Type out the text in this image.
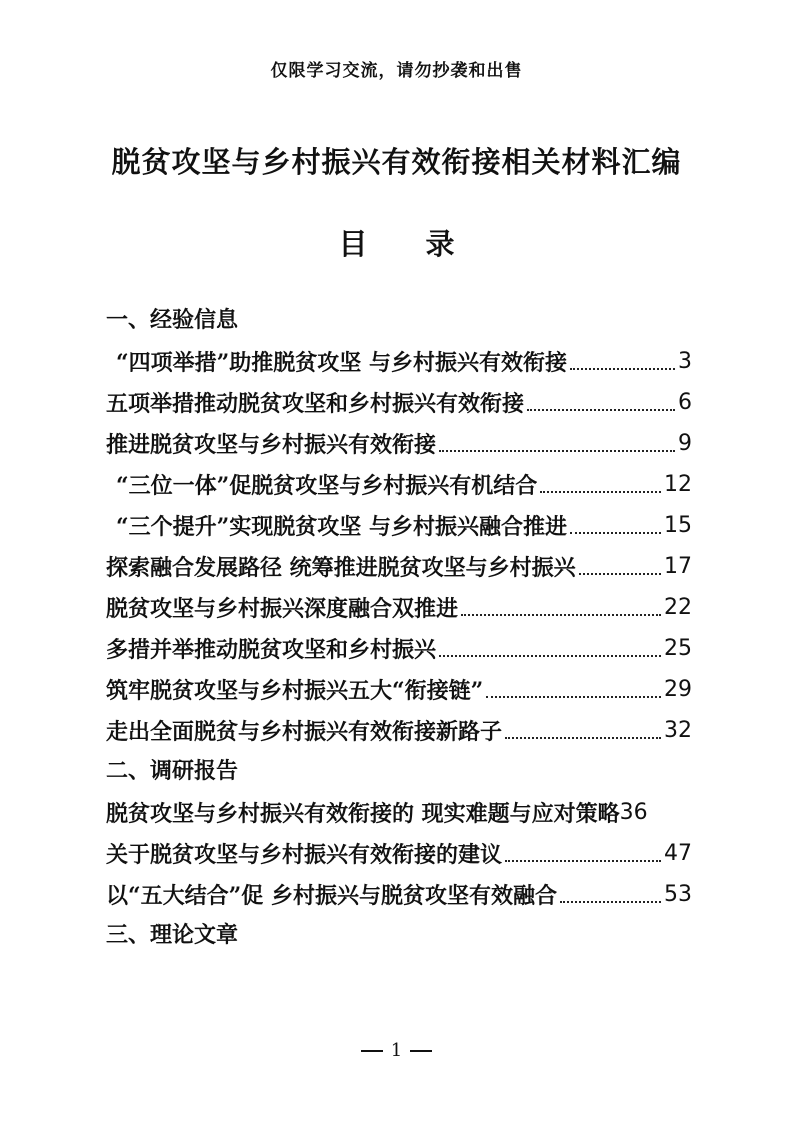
仅限学习交流，请勿抄袭和出售
脱贫攻坚与乡村振兴有效衔接相关材料汇编
目 录
一、经验信息
“四项举措”助推脱贫攻坚 与乡村振兴有效衔接	3
五项举措推动脱贫攻坚和乡村振兴有效衔接	6
推进脱贫攻坚与乡村振兴有效衔接	9
“三位一体”促脱贫攻坚与乡村振兴有机结合	12
“三个提升”实现脱贫攻坚 与乡村振兴融合推进	15
探索融合发展路径 统筹推进脱贫攻坚与乡村振兴	17
脱贫攻坚与乡村振兴深度融合双推进	22
多措并举推动脱贫攻坚和乡村振兴	25
筑牢脱贫攻坚与乡村振兴五大“衔接链”	29
走出全面脱贫与乡村振兴有效衔接新路子	32
二、调研报告
脱贫攻坚与乡村振兴有效衔接的 现实难题与应对策略 36
关于脱贫攻坚与乡村振兴有效衔接的建议	47
以“五大结合”促 乡村振兴与脱贫攻坚有效融合	53
三、理论文章
1
